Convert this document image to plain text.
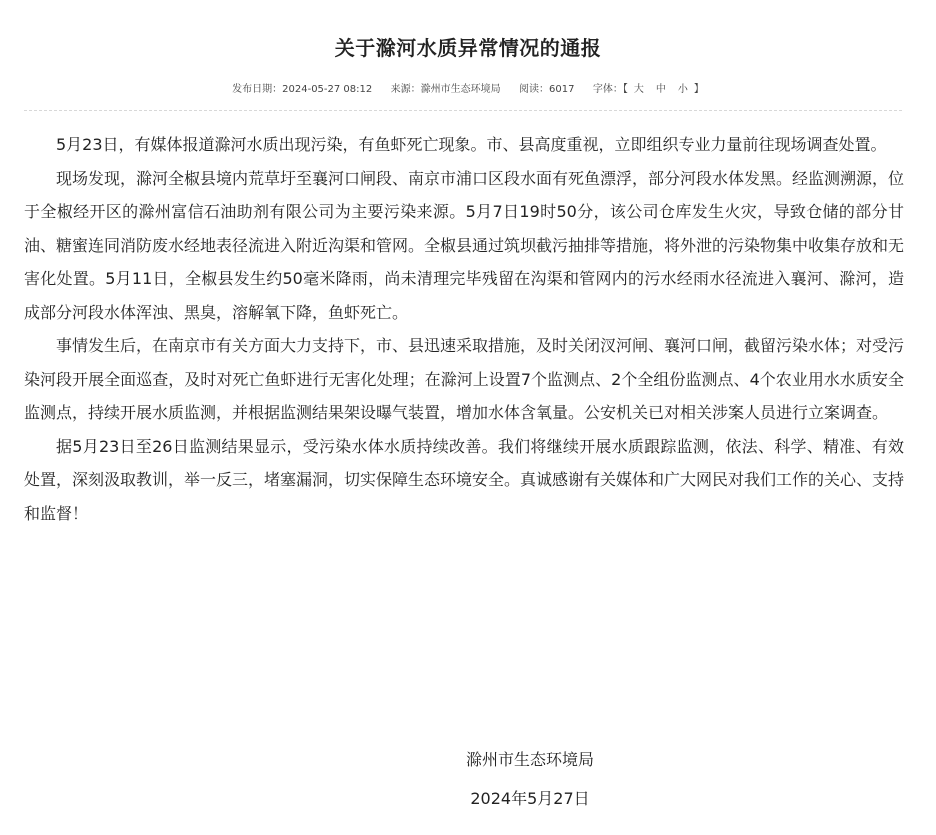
关于滁河水质异常情况的通报
发布日期：2024-05-27 08:12 来源：滁州市生态环境局 阅读：6017 字体：【 大 中 小 】

5月23日，有媒体报道滁河水质出现污染，有鱼虾死亡现象。市、县高度重视，立即组织专业力量前往现场调查处置。

现场发现，滁河全椒县境内荒草圩至襄河口闸段、南京市浦口区段水面有死鱼漂浮，部分河段水体发黑。经监测溯源，位于全椒经开区的滁州富信石油助剂有限公司为主要污染来源。5月7日19时50分，该公司仓库发生火灾，导致仓储的部分甘油、糖蜜连同消防废水经地表径流进入附近沟渠和管网。全椒县通过筑坝截污抽排等措施，将外泄的污染物集中收集存放和无害化处置。5月11日，全椒县发生约50毫米降雨，尚未清理完毕残留在沟渠和管网内的污水经雨水径流进入襄河、滁河，造成部分河段水体浑浊、黑臭，溶解氧下降，鱼虾死亡。

事情发生后，在南京市有关方面大力支持下，市、县迅速采取措施，及时关闭汊河闸、襄河口闸，截留污染水体；对受污染河段开展全面巡查，及时对死亡鱼虾进行无害化处理；在滁河上设置7个监测点、2个全组份监测点、4个农业用水水质安全监测点，持续开展水质监测，并根据监测结果架设曝气装置，增加水体含氧量。公安机关已对相关涉案人员进行立案调查。

据5月23日至26日监测结果显示，受污染水体水质持续改善。我们将继续开展水质跟踪监测，依法、科学、精准、有效处置，深刻汲取教训，举一反三，堵塞漏洞，切实保障生态环境安全。真诚感谢有关媒体和广大网民对我们工作的关心、支持和监督！

滁州市生态环境局
2024年5月27日
